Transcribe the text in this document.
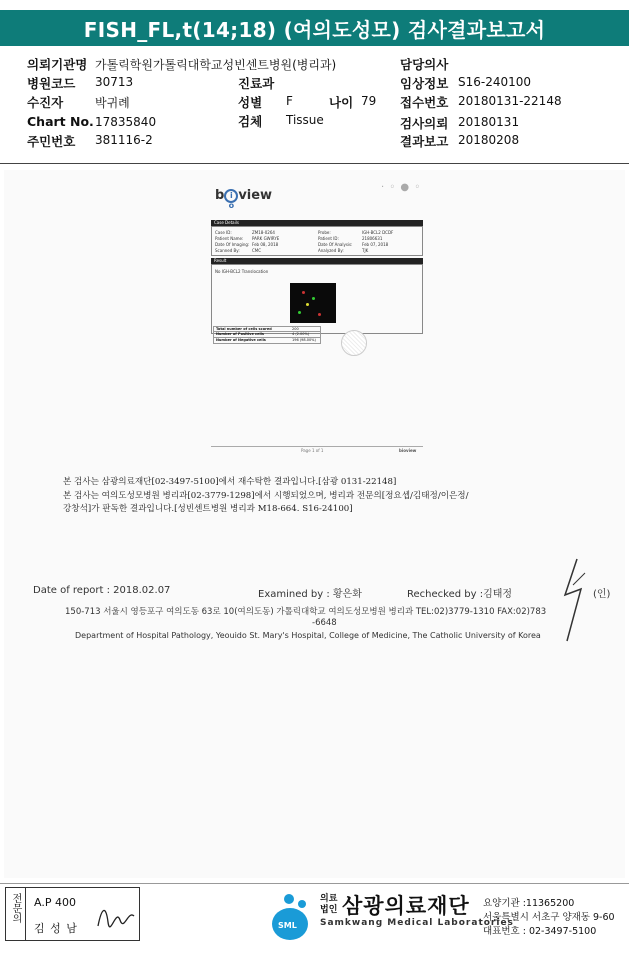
FISH_FL,t(14;18) (여의도성모) 검사결과보고서
의뢰기관명 가톨릭학원가톨릭대학교성빈센트병원(병리과)	담당의사
병원코드 30713	진료과	임상정보 S16-240100
수진자	박귀례	성별 F	나이 79 접수번호 20180131-22148
Chart No. 17835840	검체 Tissue	검사의뢰 20180131
주민번호 381116-2	결과보고 20180208
b i oview
· ◦ ● ◦
Case Details
Case ID:	ZM18-0264
Patient Name: PARK GWIRYE
Date Of Imaging: Feb 08, 2018
Scanned By:	CMC
Probe:	IGH-BCL2 DCDF
Patient ID:	21806631
Date Of Analysis: Feb 07, 2018
Analyzed By:	TJK
Result
No IGH-BCL2 Translocation
Total number of cells scored	200
Number of Positive cells	4 (2.00%)
Number of Negative cells	196 (98.00%)
Page 1 of 1	bioview
본 검사는 삼광의료재단[02-3497-5100]에서 재수탁한 결과입니다.[삼광 0131-22148]
본 검사는 여의도성모병원 병리과[02-3779-1298]에서 시행되었으며, 병리과 전문의[정요셉/김태정/이은정/
강창석]가 판독한 결과입니다.[성빈센트병원 병리과 M18-664. S16-24100]
Date of report : 2018.02.07	Examined by : 황은화	Rechecked by :김태정	(인)
150-713 서울시 영등포구 여의도동 63로 10(여의도동) 가톨릭대학교 여의도성모병원 병리과 TEL:02)3779-1310 FAX:02)783
-6648
Department of Hospital Pathology, Yeouido St. Mary's Hospital, College of Medicine, The Catholic University of Korea
전문의	A.P 400
김 성 남	SML
의료
법인 삼광의료재단
Samkwang Medical Laboratories
요양기관 :11365200
서울특별시 서초구 양재동 9-60
대표번호 : 02-3497-5100
